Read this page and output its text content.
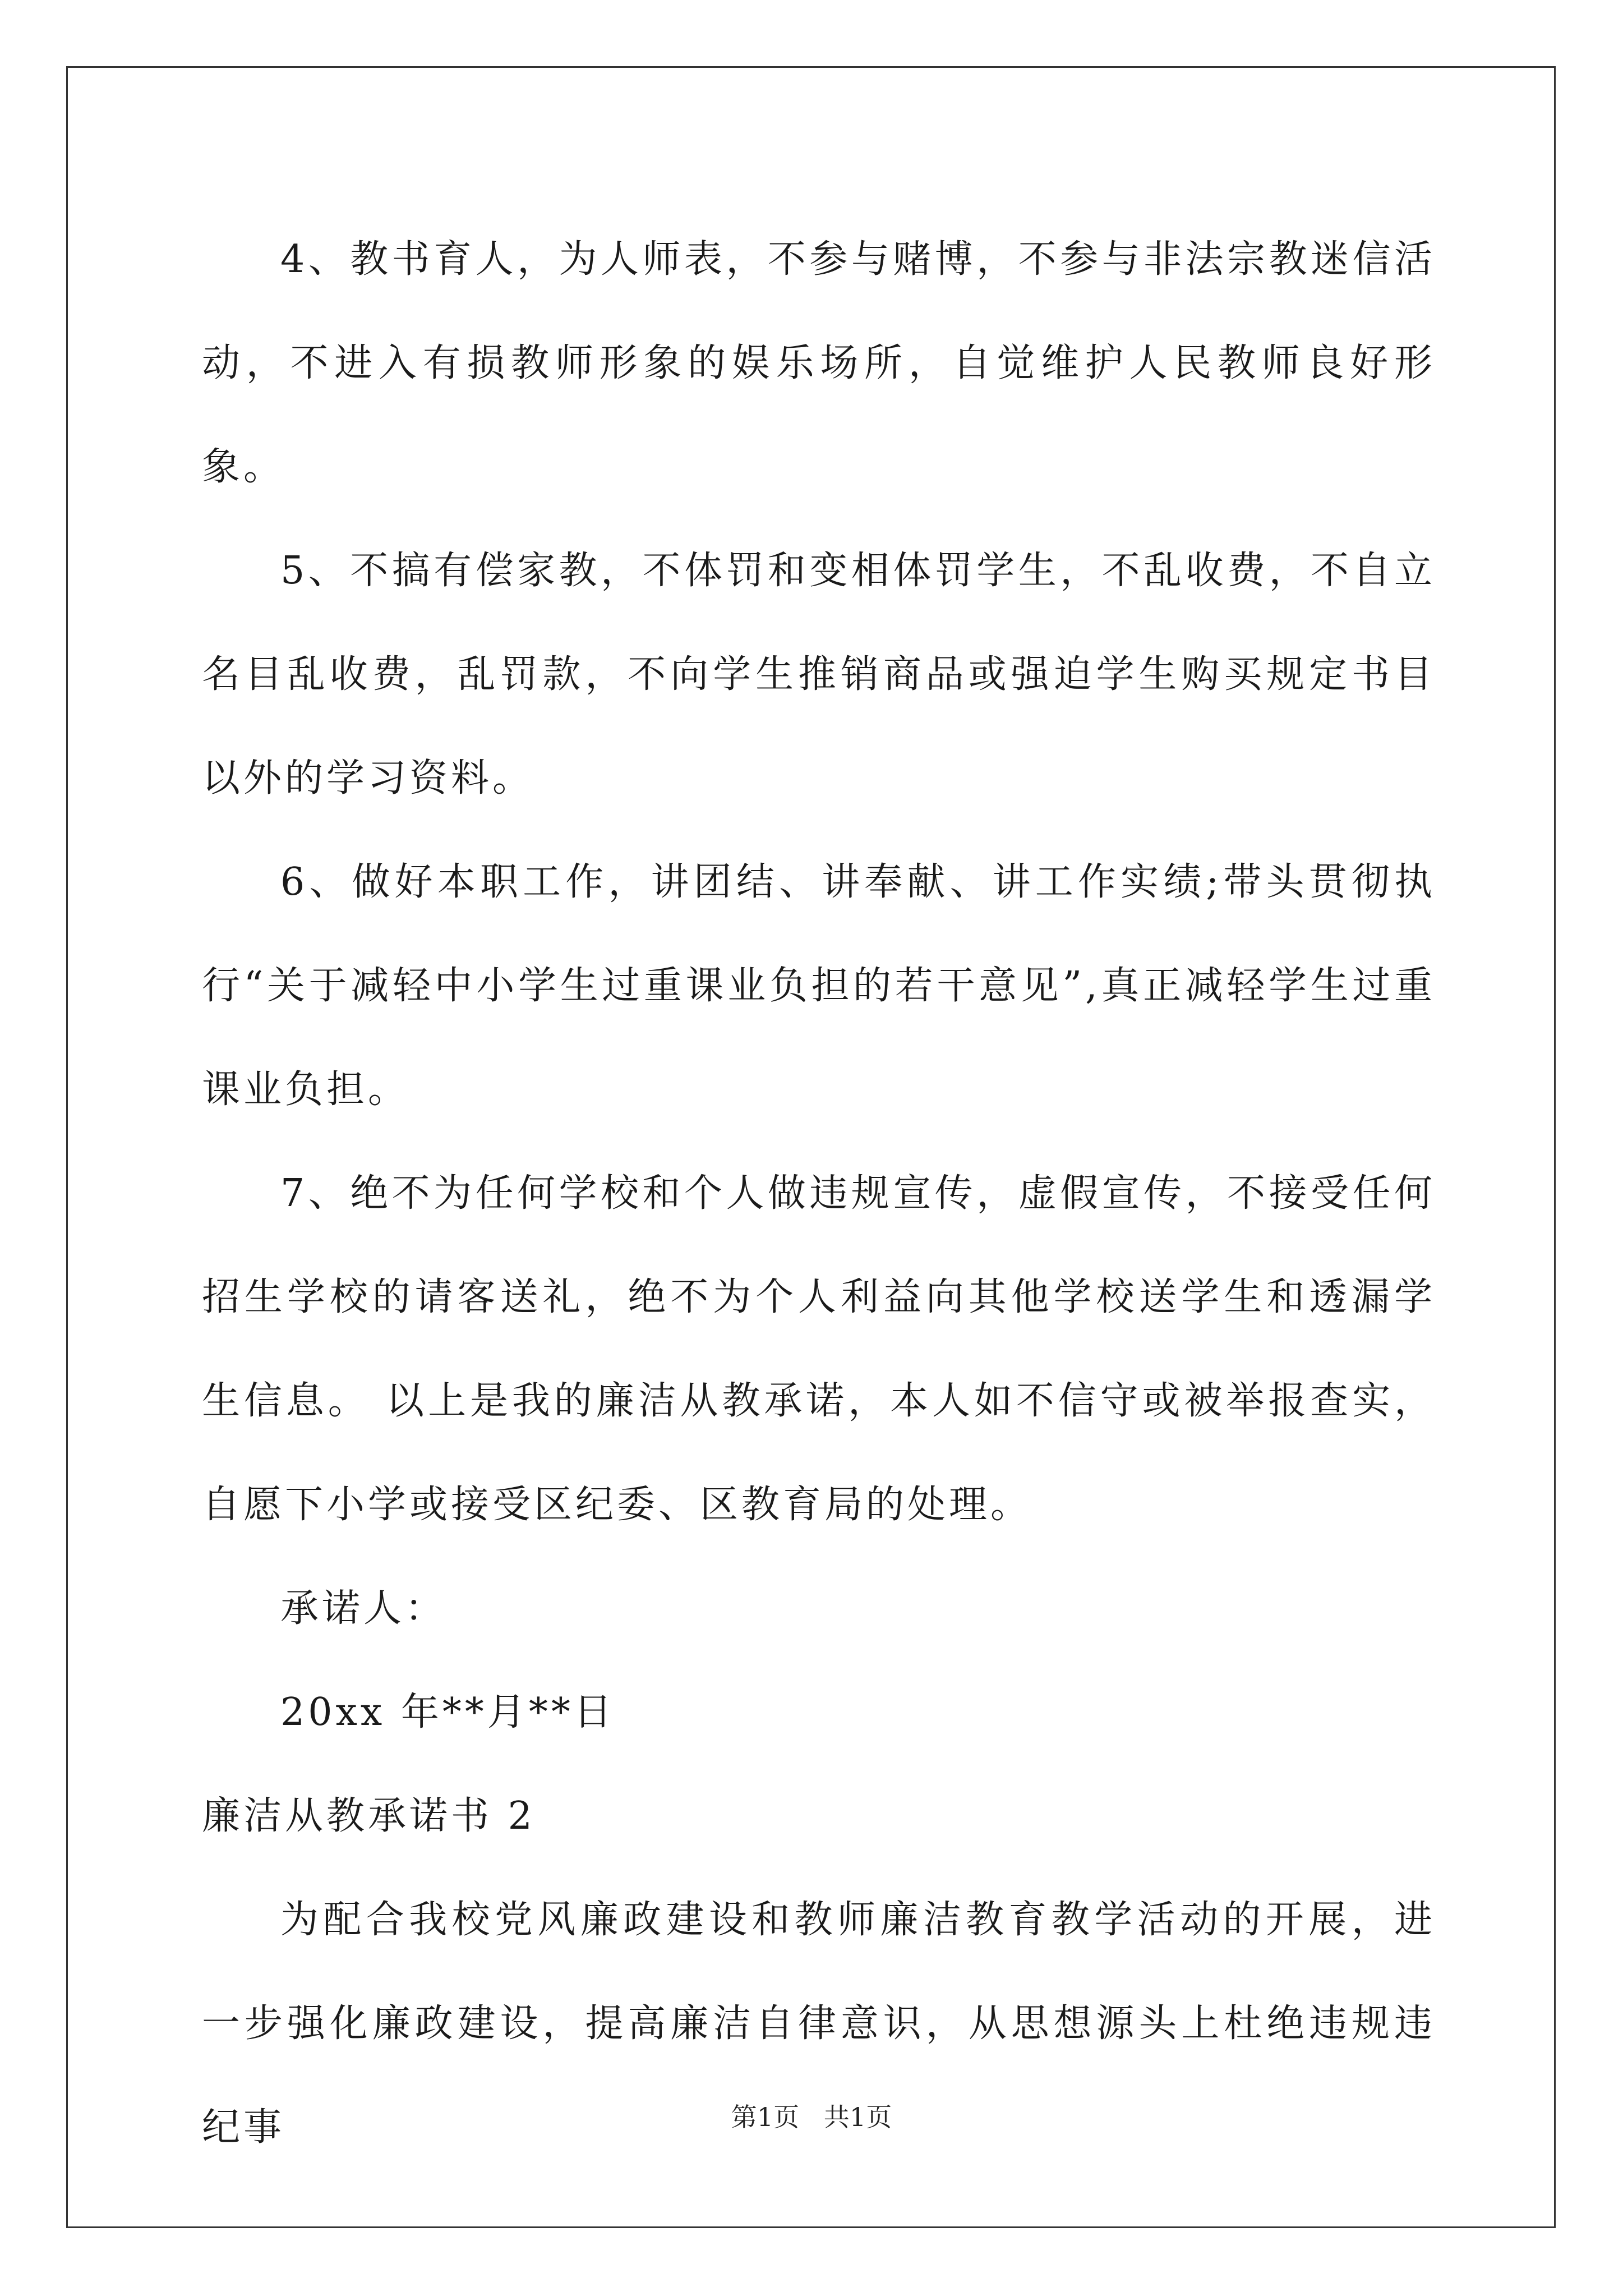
4、教书育人，为人师表，不参与赌博，不参与非法宗教迷信活动，不进入有损教师形象的娱乐场所，自觉维护人民教师良好形象。

5、不搞有偿家教，不体罚和变相体罚学生，不乱收费，不自立名目乱收费，乱罚款，不向学生推销商品或强迫学生购买规定书目以外的学习资料。

6、做好本职工作，讲团结、讲奉献、讲工作实绩;带头贯彻执行“关于减轻中小学生过重课业负担的若干意见”,真正减轻学生过重课业负担。

7、绝不为任何学校和个人做违规宣传，虚假宣传，不接受任何招生学校的请客送礼，绝不为个人利益向其他学校送学生和透漏学生信息。 以上是我的廉洁从教承诺，本人如不信守或被举报查实，自愿下小学或接受区纪委、区教育局的处理。

承诺人：

20xx 年**月**日

廉洁从教承诺书 2

为配合我校党风廉政建设和教师廉洁教育教学活动的开展，进一步强化廉政建设，提高廉洁自律意识，从思想源头上杜绝违规违纪事	第1页   共1页
